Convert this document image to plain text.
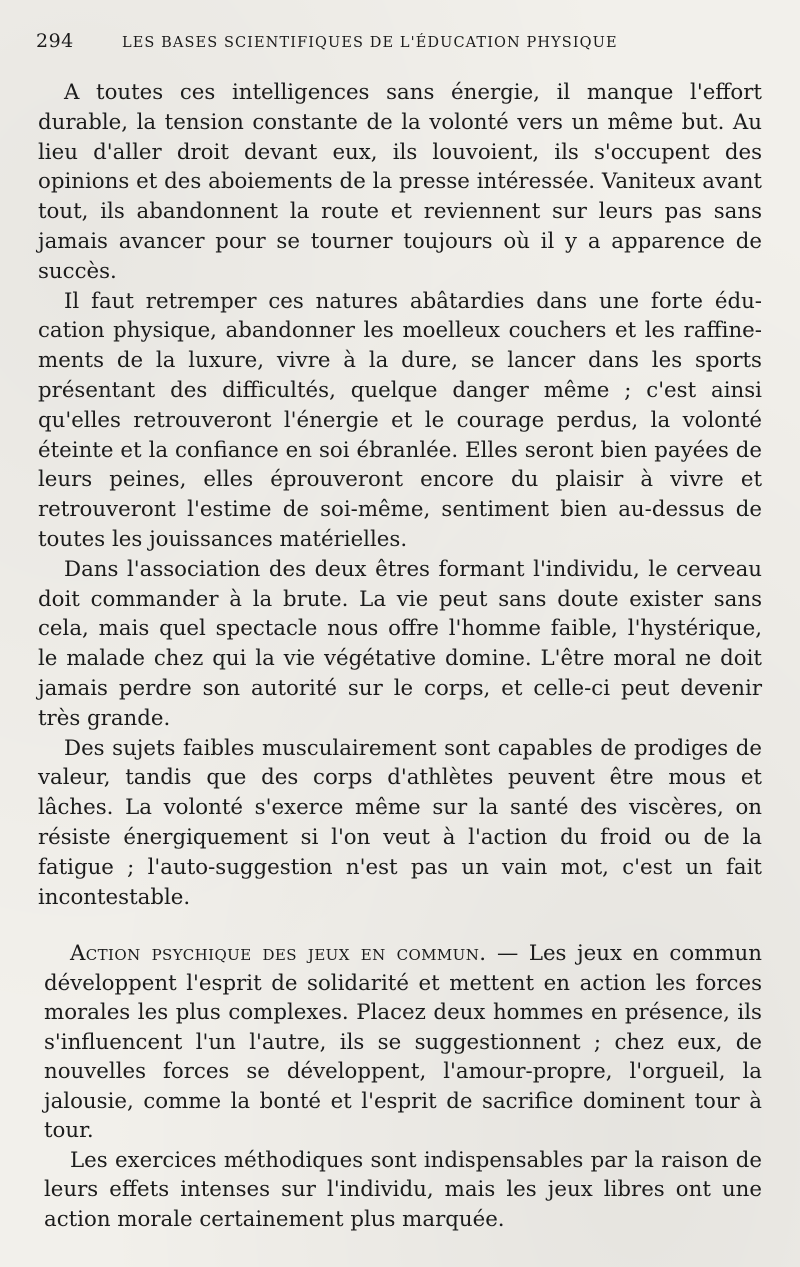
294	LES BASES SCIENTIFIQUES DE L'ÉDUCATION PHYSIQUE

A toutes ces intelligences sans énergie, il manque l'effort durable, la tension constante de la volonté vers un même but. Au lieu d'aller droit devant eux, ils louvoient, ils s'occupent des opinions et des aboiements de la presse intéressée. Vaniteux avant tout, ils abandonnent la route et reviennent sur leurs pas sans jamais avancer pour se tourner toujours où il y a apparence de succès.

Il faut retremper ces natures abâtardies dans une forte éducation physique, abandonner les moelleux couchers et les raffinements de la luxure, vivre à la dure, se lancer dans les sports présentant des difficultés, quelque danger même ; c'est ainsi qu'elles retrouveront l'énergie et le courage perdus, la volonté éteinte et la confiance en soi ébranlée. Elles seront bien payées de leurs peines, elles éprouveront encore du plaisir à vivre et retrouveront l'estime de soi-même, sentiment bien au-dessus de toutes les jouissances matérielles.

Dans l'association des deux êtres formant l'individu, le cerveau doit commander à la brute. La vie peut sans doute exister sans cela, mais quel spectacle nous offre l'homme faible, l'hystérique, le malade chez qui la vie végétative domine. L'être moral ne doit jamais perdre son autorité sur le corps, et celle-ci peut devenir très grande.

Des sujets faibles musculairement sont capables de prodiges de valeur, tandis que des corps d'athlètes peuvent être mous et lâches. La volonté s'exerce même sur la santé des viscères, on résiste énergiquement si l'on veut à l'action du froid ou de la fatigue ; l'auto-suggestion n'est pas un vain mot, c'est un fait incontestable.

Action psychique des jeux en commun. — Les jeux en commun développent l'esprit de solidarité et mettent en action les forces morales les plus complexes. Placez deux hommes en présence, ils s'influencent l'un l'autre, ils se suggestionnent ; chez eux, de nouvelles forces se développent, l'amour-propre, l'orgueil, la jalousie, comme la bonté et l'esprit de sacrifice dominent tour à tour.

Les exercices méthodiques sont indispensables par la raison de leurs effets intenses sur l'individu, mais les jeux libres ont une action morale certainement plus marquée.
